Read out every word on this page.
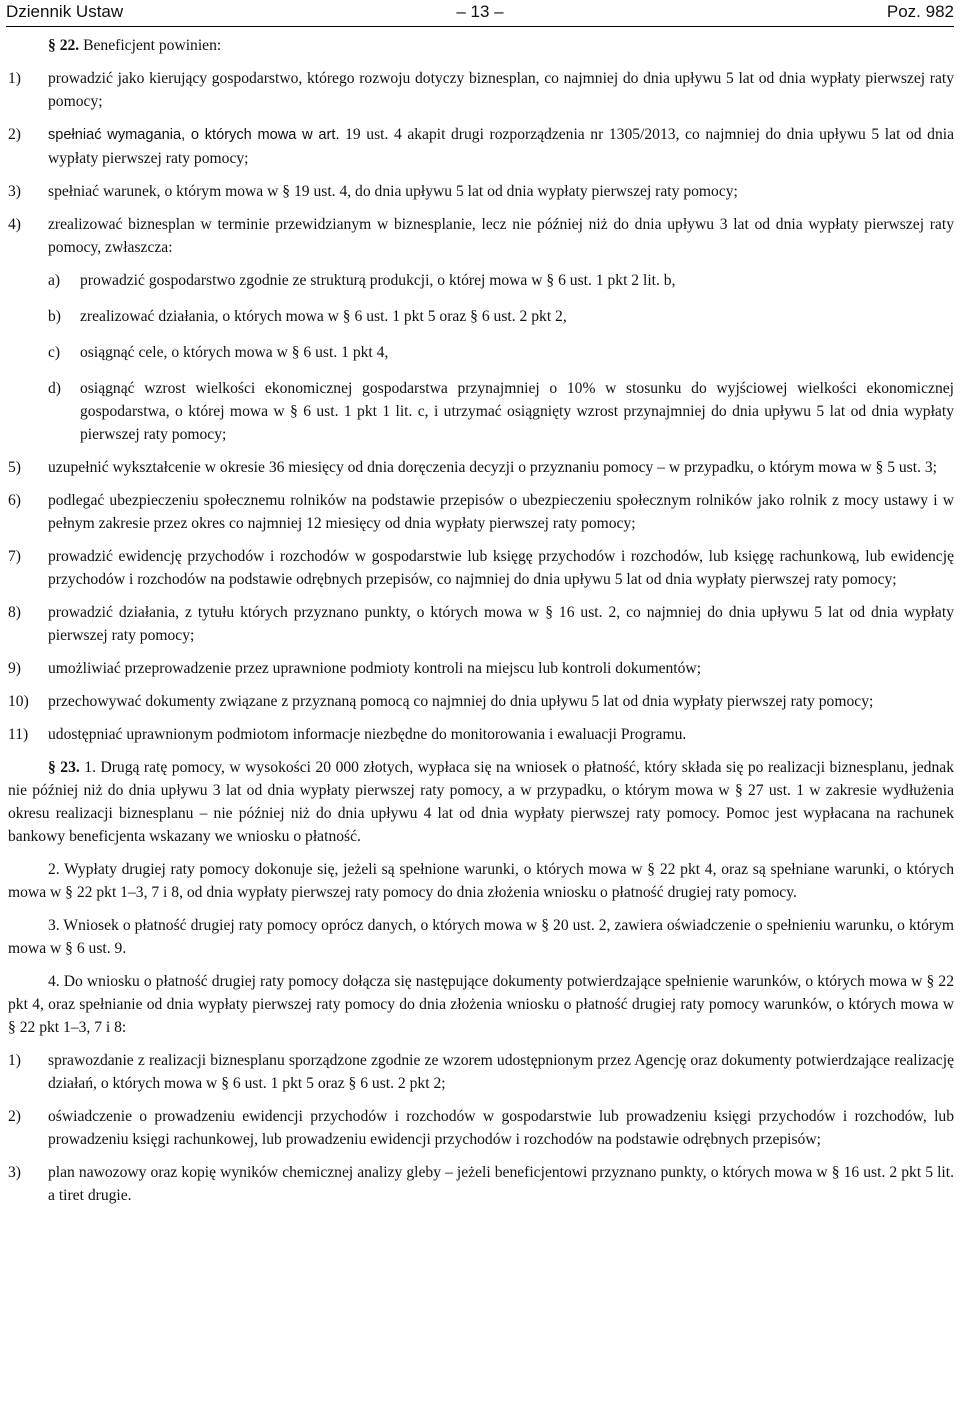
Dziennik Ustaw	– 13 –	Poz. 982
§ 22. Beneficjent powinien:
1) prowadzić jako kierujący gospodarstwo, którego rozwoju dotyczy biznesplan, co najmniej do dnia upływu 5 lat od dnia wypłaty pierwszej raty pomocy;
2) spełniać wymagania, o których mowa w art. 19 ust. 4 akapit drugi rozporządzenia nr 1305/2013, co najmniej do dnia upływu 5 lat od dnia wypłaty pierwszej raty pomocy;
3) spełniać warunek, o którym mowa w § 19 ust. 4, do dnia upływu 5 lat od dnia wypłaty pierwszej raty pomocy;
4) zrealizować biznesplan w terminie przewidzianym w biznesplanie, lecz nie później niż do dnia upływu 3 lat od dnia wypłaty pierwszej raty pomocy, zwłaszcza:
a) prowadzić gospodarstwo zgodnie ze strukturą produkcji, o której mowa w § 6 ust. 1 pkt 2 lit. b,
b) zrealizować działania, o których mowa w § 6 ust. 1 pkt 5 oraz § 6 ust. 2 pkt 2,
c) osiągnąć cele, o których mowa w § 6 ust. 1 pkt 4,
d) osiągnąć wzrost wielkości ekonomicznej gospodarstwa przynajmniej o 10% w stosunku do wyjściowej wielkości ekonomicznej gospodarstwa, o której mowa w § 6 ust. 1 pkt 1 lit. c, i utrzymać osiągnięty wzrost przynajmniej do dnia upływu 5 lat od dnia wypłaty pierwszej raty pomocy;
5) uzupełnić wykształcenie w okresie 36 miesięcy od dnia doręczenia decyzji o przyznaniu pomocy – w przypadku, o którym mowa w § 5 ust. 3;
6) podlegać ubezpieczeniu społecznemu rolników na podstawie przepisów o ubezpieczeniu społecznym rolników jako rolnik z mocy ustawy i w pełnym zakresie przez okres co najmniej 12 miesięcy od dnia wypłaty pierwszej raty pomocy;
7) prowadzić ewidencję przychodów i rozchodów w gospodarstwie lub księgę przychodów i rozchodów, lub księgę rachunkową, lub ewidencję przychodów i rozchodów na podstawie odrębnych przepisów, co najmniej do dnia upływu 5 lat od dnia wypłaty pierwszej raty pomocy;
8) prowadzić działania, z tytułu których przyznano punkty, o których mowa w § 16 ust. 2, co najmniej do dnia upływu 5 lat od dnia wypłaty pierwszej raty pomocy;
9) umożliwiać przeprowadzenie przez uprawnione podmioty kontroli na miejscu lub kontroli dokumentów;
10) przechowywać dokumenty związane z przyznaną pomocą co najmniej do dnia upływu 5 lat od dnia wypłaty pierwszej raty pomocy;
11) udostępniać uprawnionym podmiotom informacje niezbędne do monitorowania i ewaluacji Programu.
§ 23. 1. Drugą ratę pomocy, w wysokości 20 000 złotych, wypłaca się na wniosek o płatność, który składa się po realizacji biznesplanu, jednak nie później niż do dnia upływu 3 lat od dnia wypłaty pierwszej raty pomocy, a w przypadku, o którym mowa w § 27 ust. 1 w zakresie wydłużenia okresu realizacji biznesplanu – nie później niż do dnia upływu 4 lat od dnia wypłaty pierwszej raty pomocy. Pomoc jest wypłacana na rachunek bankowy beneficjenta wskazany we wniosku o płatność.
2. Wypłaty drugiej raty pomocy dokonuje się, jeżeli są spełnione warunki, o których mowa w § 22 pkt 4, oraz są spełniane warunki, o których mowa w § 22 pkt 1–3, 7 i 8, od dnia wypłaty pierwszej raty pomocy do dnia złożenia wniosku o płatność drugiej raty pomocy.
3. Wniosek o płatność drugiej raty pomocy oprócz danych, o których mowa w § 20 ust. 2, zawiera oświadczenie o spełnieniu warunku, o którym mowa w § 6 ust. 9.
4. Do wniosku o płatność drugiej raty pomocy dołącza się następujące dokumenty potwierdzające spełnienie warunków, o których mowa w § 22 pkt 4, oraz spełnianie od dnia wypłaty pierwszej raty pomocy do dnia złożenia wniosku o płatność drugiej raty pomocy warunków, o których mowa w § 22 pkt 1–3, 7 i 8:
1) sprawozdanie z realizacji biznesplanu sporządzone zgodnie ze wzorem udostępnionym przez Agencję oraz dokumenty potwierdzające realizację działań, o których mowa w § 6 ust. 1 pkt 5 oraz § 6 ust. 2 pkt 2;
2) oświadczenie o prowadzeniu ewidencji przychodów i rozchodów w gospodarstwie lub prowadzeniu księgi przychodów i rozchodów, lub prowadzeniu księgi rachunkowej, lub prowadzeniu ewidencji przychodów i rozchodów na podstawie odrębnych przepisów;
3) plan nawozowy oraz kopię wyników chemicznej analizy gleby – jeżeli beneficjentowi przyznano punkty, o których mowa w § 16 ust. 2 pkt 5 lit. a tiret drugie.
